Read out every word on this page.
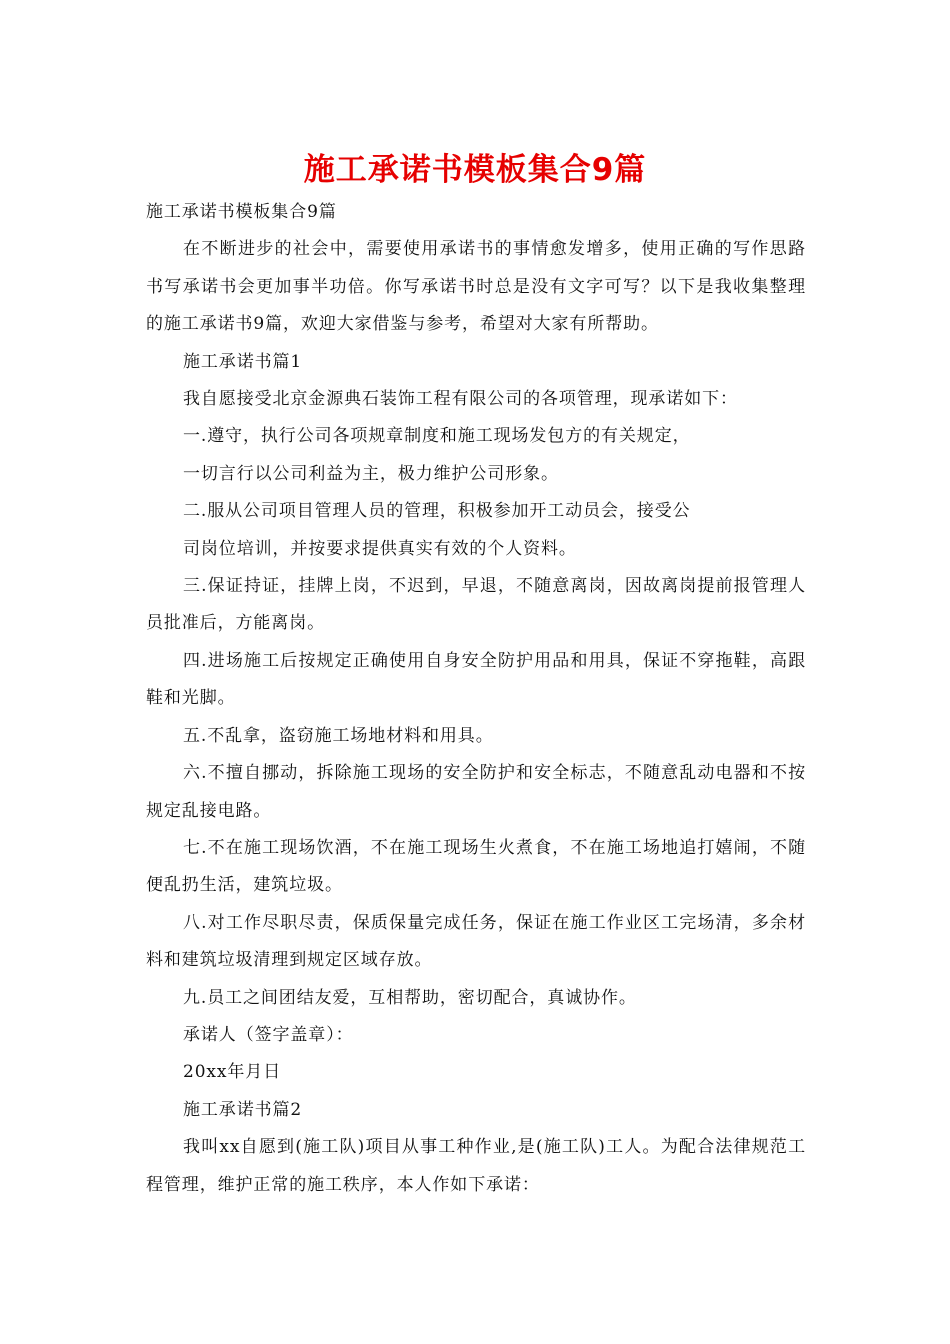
施工承诺书模板集合9篇

施工承诺书模板集合9篇

在不断进步的社会中，需要使用承诺书的事情愈发增多，使用正确的写作思路书写承诺书会更加事半功倍。你写承诺书时总是没有文字可写？以下是我收集整理的施工承诺书9篇，欢迎大家借鉴与参考，希望对大家有所帮助。

施工承诺书篇1

我自愿接受北京金源典石装饰工程有限公司的各项管理，现承诺如下：

一.遵守，执行公司各项规章制度和施工现场发包方的有关规定，

一切言行以公司利益为主，极力维护公司形象。

二.服从公司项目管理人员的管理，积极参加开工动员会，接受公

司岗位培训，并按要求提供真实有效的个人资料。

三.保证持证，挂牌上岗，不迟到，早退，不随意离岗，因故离岗提前报管理人员批准后，方能离岗。

四.进场施工后按规定正确使用自身安全防护用品和用具，保证不穿拖鞋，高跟鞋和光脚。

五.不乱拿，盗窃施工场地材料和用具。

六.不擅自挪动，拆除施工现场的安全防护和安全标志，不随意乱动电器和不按规定乱接电路。

七.不在施工现场饮酒，不在施工现场生火煮食，不在施工场地追打嬉闹，不随便乱扔生活，建筑垃圾。

八.对工作尽职尽责，保质保量完成任务，保证在施工作业区工完场清，多余材料和建筑垃圾清理到规定区域存放。

九.员工之间团结友爱，互相帮助，密切配合，真诚协作。

承诺人（签字盖章）：

20xx年月日

施工承诺书篇2

我叫xx自愿到(施工队)项目从事工种作业,是(施工队)工人。为配合法律规范工程管理，维护正常的施工秩序，本人作如下承诺：
